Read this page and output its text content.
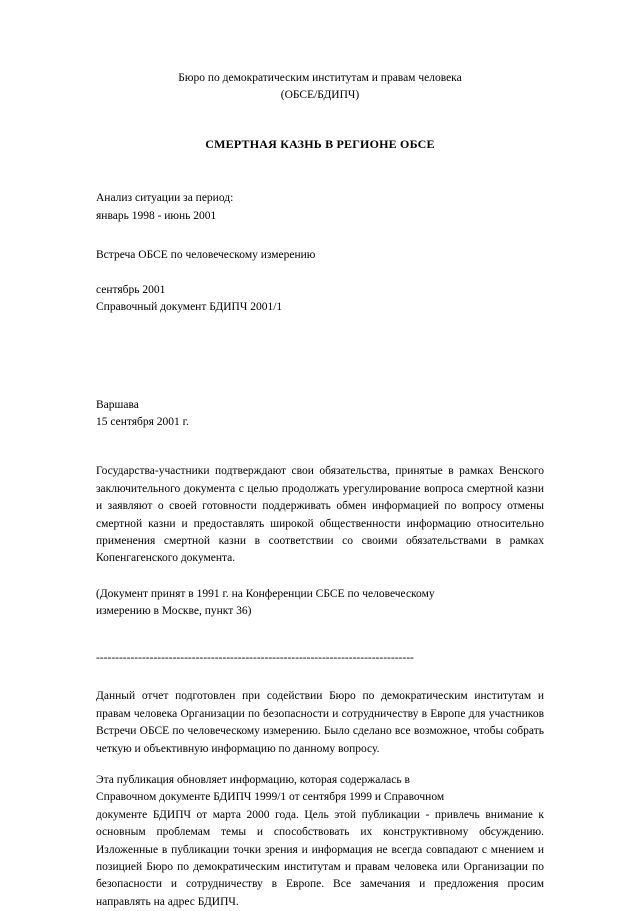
Бюро по демократическим институтам и правам человека
(ОБСЕ/БДИПЧ)
СМЕРТНАЯ КАЗНЬ В РЕГИОНЕ ОБСЕ
Анализ ситуации за период:
январь 1998 - июнь 2001
Встреча ОБСЕ по человеческому измерению
сентябрь 2001
Справочный документ БДИПЧ 2001/1
Варшава
15 сентября 2001 г.

Государства-участники подтверждают свои обязательства, принятые в рамках Венского заключительного документа с целью продолжать урегулирование вопроса смертной казни и заявляют о своей готовности поддерживать обмен информацией по вопросу отмены смертной казни и предоставлять широкой общественности информацию относительно применения смертной казни в соответствии со своими обязательствами в рамках Копенгагенского документа.

(Документ принят в 1991 г. на Конференции СБСЕ по человеческому
измерению в Москве, пункт 36)

-----------------------------------------------------------------------------------

Данный отчет подготовлен при содействии Бюро по демократическим институтам и правам человека Организации по безопасности и сотрудничеству в Европе для участников Встречи ОБСЕ по человеческому измерению. Было сделано все возможное, чтобы собрать четкую и объективную информацию по данному вопросу.

Эта публикация обновляет информацию, которая содержалась в
Справочном документе БДИПЧ 1999/1 от сентября 1999 и Справочном

документе БДИПЧ от марта 2000 года. Цель этой публикации - привлечь внимание к основным проблемам темы и способствовать их конструктивному обсуждению. Изложенные в публикации точки зрения и информация не всегда совпадают с мнением и позицией Бюро по демократическим институтам и правам человека или Организации по безопасности и сотрудничеству в Европе. Все замечания и предложения просим направлять на адрес БДИПЧ.
